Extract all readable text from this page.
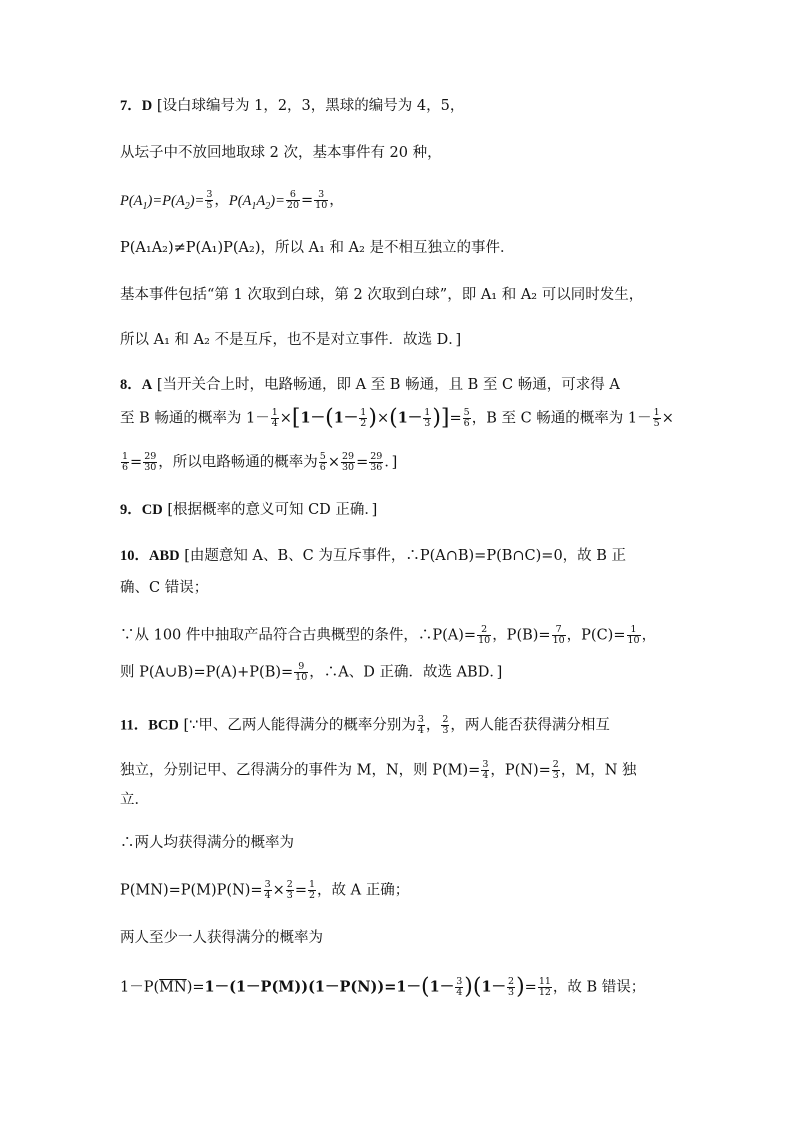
7．D [设白球编号为 1，2，3，黑球的编号为 4，5，
从坛子中不放回地取球 2 次，基本事件有 20 种，
$P(A_1)=P(A_2)= \frac{3}{5}$ ，$P(A_1A_2)= \frac{6}{20} = \frac{3}{10}$ ，
P(A₁A₂)≠P(A₁)P(A₂)，所以 A₁ 和 A₂ 是不相互独立的事件．
基本事件包括“第 1 次取到白球，第 2 次取到白球”，即 A₁ 和 A₂ 可以同时发生，
所以 A₁ 和 A₂ 不是互斥，也不是对立事件．故选 D．]
8．A [当开关合上时，电路畅通，即 A 至 B 畅通，且 B 至 C 畅通，可求得 A
至 B 畅通的概率为 $1- \frac{1}{4} \times[1-(1- \frac{1}{2} )\times(1- \frac{1}{3}$ )]= $\frac{5}{6}$ ，B 至 C 畅通的概率为 $1- \frac{1}{5}$ ×
$\frac{1}{6} = \frac{29}{30}$ ，所以电路畅通的概率为 $\frac{5}{6} \times \frac{29}{30} = \frac{29}{36}$ ．]
9．CD [根据概率的意义可知 CD 正确．]
10．ABD [由题意知 A、B、C 为互斥事件，∴P(A∩B)=P(B∩C)=0，故 B 正
确、C 错误；
∵从 100 件中抽取产品符合古典概型的条件，∴P(A)= $\frac{2}{10}$ ，$P(B)= \frac{7}{10}$ ，$P(C)= \frac{1}{10}$ ，
则 P(A∪B)=P(A)+P(B)= $\frac{9}{10}$ ，∴A、D 正确．故选 ABD．]
11．BCD [∵甲、乙两人能得满分的概率分别为 $\frac{3}{4}$ ， $\frac{2}{3}$ ，两人能否获得满分相互
独立，分别记甲、乙得满分的事件为 M，N，则 $P(M)= \frac{3}{4}$ ，$P(N)= \frac{2}{3}$ ，M，N 独
立．
∴两人均获得满分的概率为
$P(MN)=P(M)P(N)= \frac{3}{4} \times \frac{2}{3} = \frac{1}{2}$ ，故 A 正确；
两人至少一人获得满分的概率为
$1-P(\overline{MN})=1-(1-P(M))(1-P(N))=1-(1- \frac{3}{4} )(1- \frac{2}{3}$ )= $\frac{11}{12}$ ，故 B 错误；
